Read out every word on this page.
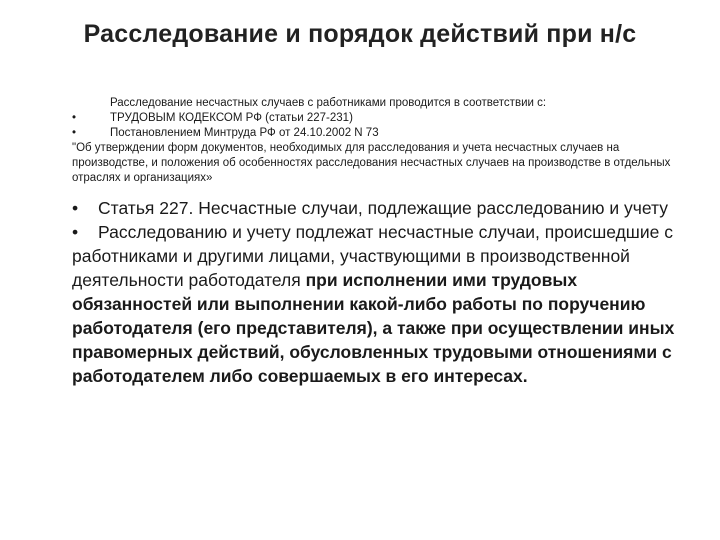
Расследование и порядок действий при н/с
Расследование несчастных случаев с работниками проводится в соответствии с:
•	ТРУДОВЫМ КОДЕКСОМ РФ (статьи 227-231)
•	Постановлением Минтруда РФ от 24.10.2002 N 73
"Об утверждении форм документов, необходимых для расследования и учета несчастных случаев на производстве, и положения об особенностях расследования несчастных случаев на производстве в отдельных отраслях и организациях»
• Статья 227. Несчастные случаи, подлежащие расследованию и учету
• Расследованию и учету подлежат несчастные случаи, происшедшие с работниками и другими лицами, участвующими в производственной деятельности работодателя при исполнении ими трудовых обязанностей или выполнении какой-либо работы по поручению работодателя (его представителя), а также при осуществлении иных правомерных действий, обусловленных трудовыми отношениями с работодателем либо совершаемых в его интересах.
